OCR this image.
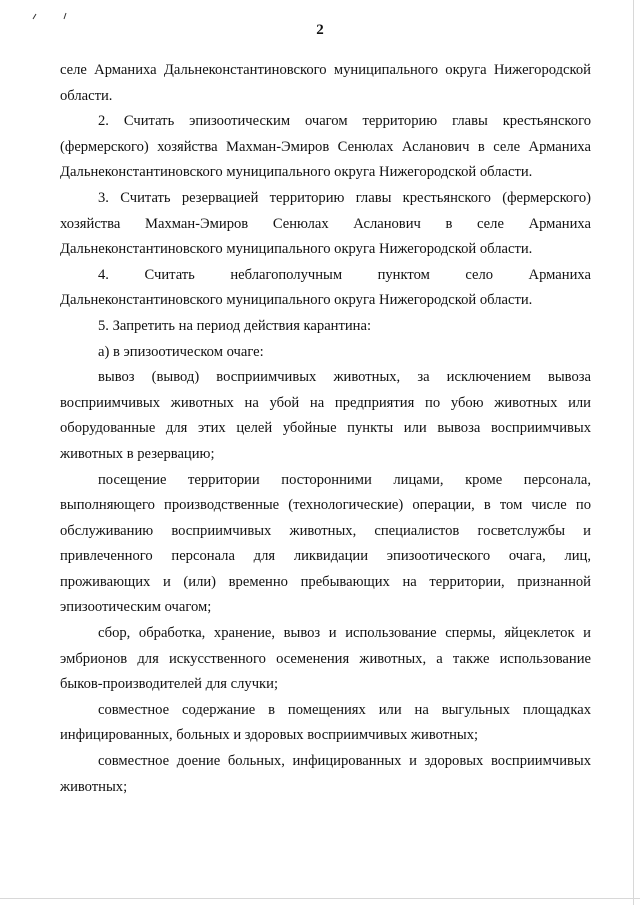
2
селе Арманиха Дальнеконстантиновского муниципального округа Нижегородской
области.
2. Считать эпизоотическим очагом территорию главы крестьянского
(фермерского) хозяйства Махман-Эмиров Сенюлах Асланович в селе Арманиха
Дальнеконстантиновского муниципального округа Нижегородской области.
3. Считать резервацией территорию главы крестьянского (фермерского)
хозяйства Махман-Эмиров Сенюлах Асланович в селе Арманиха
Дальнеконстантиновского муниципального округа Нижегородской области.
4. Считать неблагополучным пунктом село Арманиха
Дальнеконстантиновского муниципального округа Нижегородской области.
5. Запретить на период действия карантина:
а) в эпизоотическом очаге:
вывоз (вывод) восприимчивых животных, за исключением вывоза
восприимчивых животных на убой на предприятия по убою животных или
оборудованные для этих целей убойные пункты или вывоза восприимчивых
животных в резервацию;
посещение территории посторонними лицами, кроме персонала,
выполняющего производственные (технологические) операции, в том числе по
обслуживанию восприимчивых животных, специалистов госветслужбы и
привлеченного персонала для ликвидации эпизоотического очага, лиц,
проживающих и (или) временно пребывающих на территории, признанной
эпизоотическим очагом;
сбор, обработка, хранение, вывоз и использование спермы, яйцеклеток и
эмбрионов для искусственного осеменения животных, а также использование
быков-производителей для случки;
совместное содержание в помещениях или на выгульных площадках
инфицированных, больных и здоровых восприимчивых животных;
совместное доение больных, инфицированных и здоровых восприимчивых
животных;
